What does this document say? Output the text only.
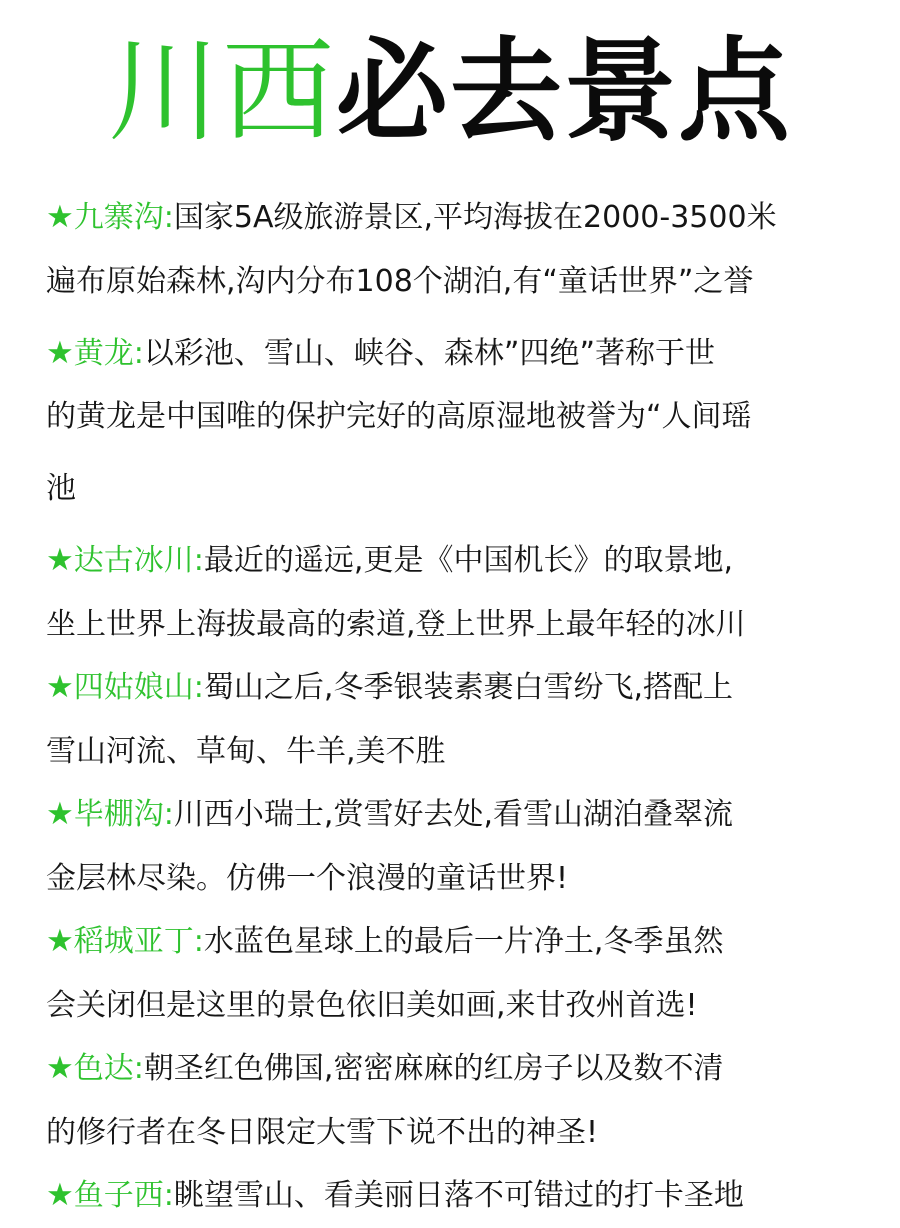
川西必去景点
★九寨沟:国家5A级旅游景区,平均海拔在2000-3500米
遍布原始森林,沟内分布108个湖泊,有“童话世界”之誉
★黄龙:以彩池、雪山、峡谷、森林”四绝”著称于世
的黄龙是中国唯的保护完好的高原湿地被誉为“人间瑶
池
★达古冰川:最近的遥远,更是《中国机长》的取景地,
坐上世界上海拔最高的索道,登上世界上最年轻的冰川
★四姑娘山:蜀山之后,冬季银装素裹白雪纷飞,搭配上
雪山河流、草甸、牛羊,美不胜
★毕棚沟:川西小瑞士,赏雪好去处,看雪山湖泊叠翠流
金层林尽染。仿佛一个浪漫的童话世界!
★稻城亚丁:水蓝色星球上的最后一片净土,冬季虽然
会关闭但是这里的景色依旧美如画,来甘孜州首选!
★色达:朝圣红色佛国,密密麻麻的红房子以及数不清
的修行者在冬日限定大雪下说不出的神圣!
★鱼子西:眺望雪山、看美丽日落不可错过的打卡圣地
